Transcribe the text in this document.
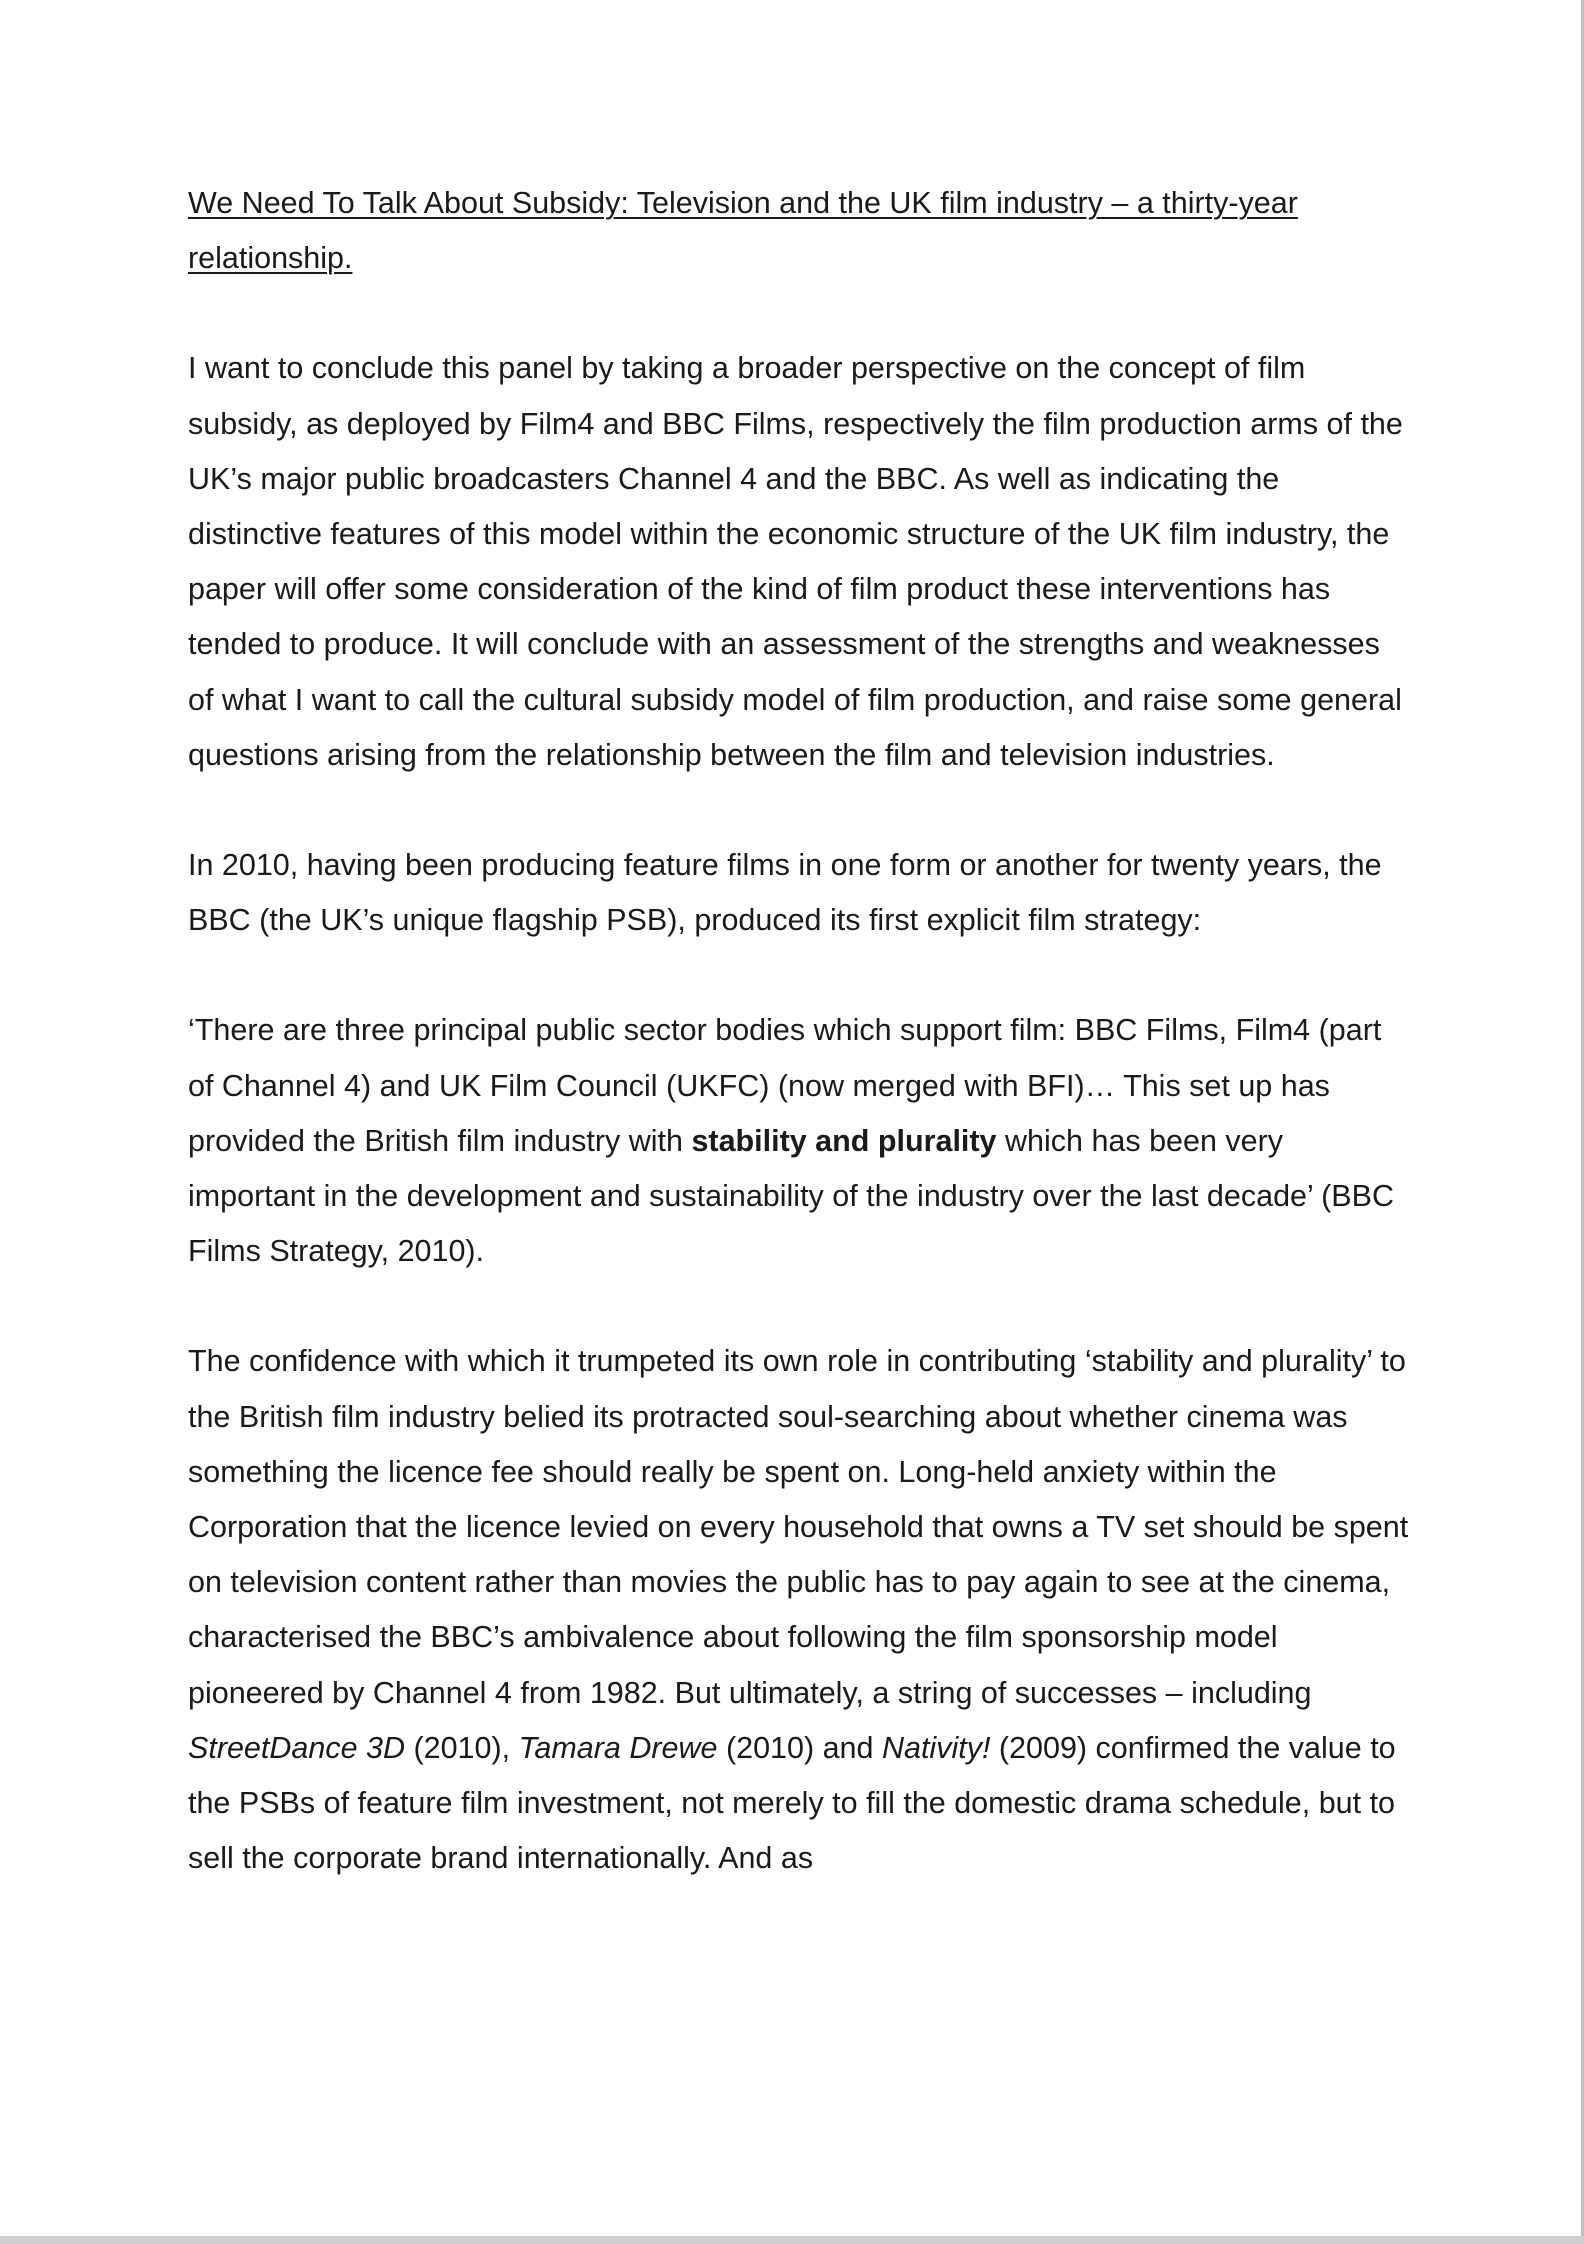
We Need To Talk About Subsidy: Television and the UK film industry – a thirty-year relationship.

I want to conclude this panel by taking a broader perspective on the concept of film subsidy, as deployed by Film4 and BBC Films, respectively the film production arms of the UK’s major public broadcasters Channel 4 and the BBC. As well as indicating the distinctive features of this model within the economic structure of the UK film industry, the paper will offer some consideration of the kind of film product these interventions has tended to produce. It will conclude with an assessment of the strengths and weaknesses of what I want to call the cultural subsidy model of film production, and raise some general questions arising from the relationship between the film and television industries.

In 2010, having been producing feature films in one form or another for twenty years, the BBC (the UK’s unique flagship PSB), produced its first explicit film strategy:

‘There are three principal public sector bodies which support film: BBC Films, Film4 (part of Channel 4) and UK Film Council (UKFC) (now merged with BFI)… This set up has provided the British film industry with stability and plurality which has been very important in the development and sustainability of the industry over the last decade’ (BBC Films Strategy, 2010).

The confidence with which it trumpeted its own role in contributing ‘stability and plurality’ to the British film industry belied its protracted soul-searching about whether cinema was something the licence fee should really be spent on. Long-held anxiety within the Corporation that the licence levied on every household that owns a TV set should be spent on television content rather than movies the public has to pay again to see at the cinema, characterised the BBC’s ambivalence about following the film sponsorship model pioneered by Channel 4 from 1982. But ultimately, a string of successes – including StreetDance 3D (2010), Tamara Drewe (2010) and Nativity! (2009) confirmed the value to the PSBs of feature film investment, not merely to fill the domestic drama schedule, but to sell the corporate brand internationally. And as
